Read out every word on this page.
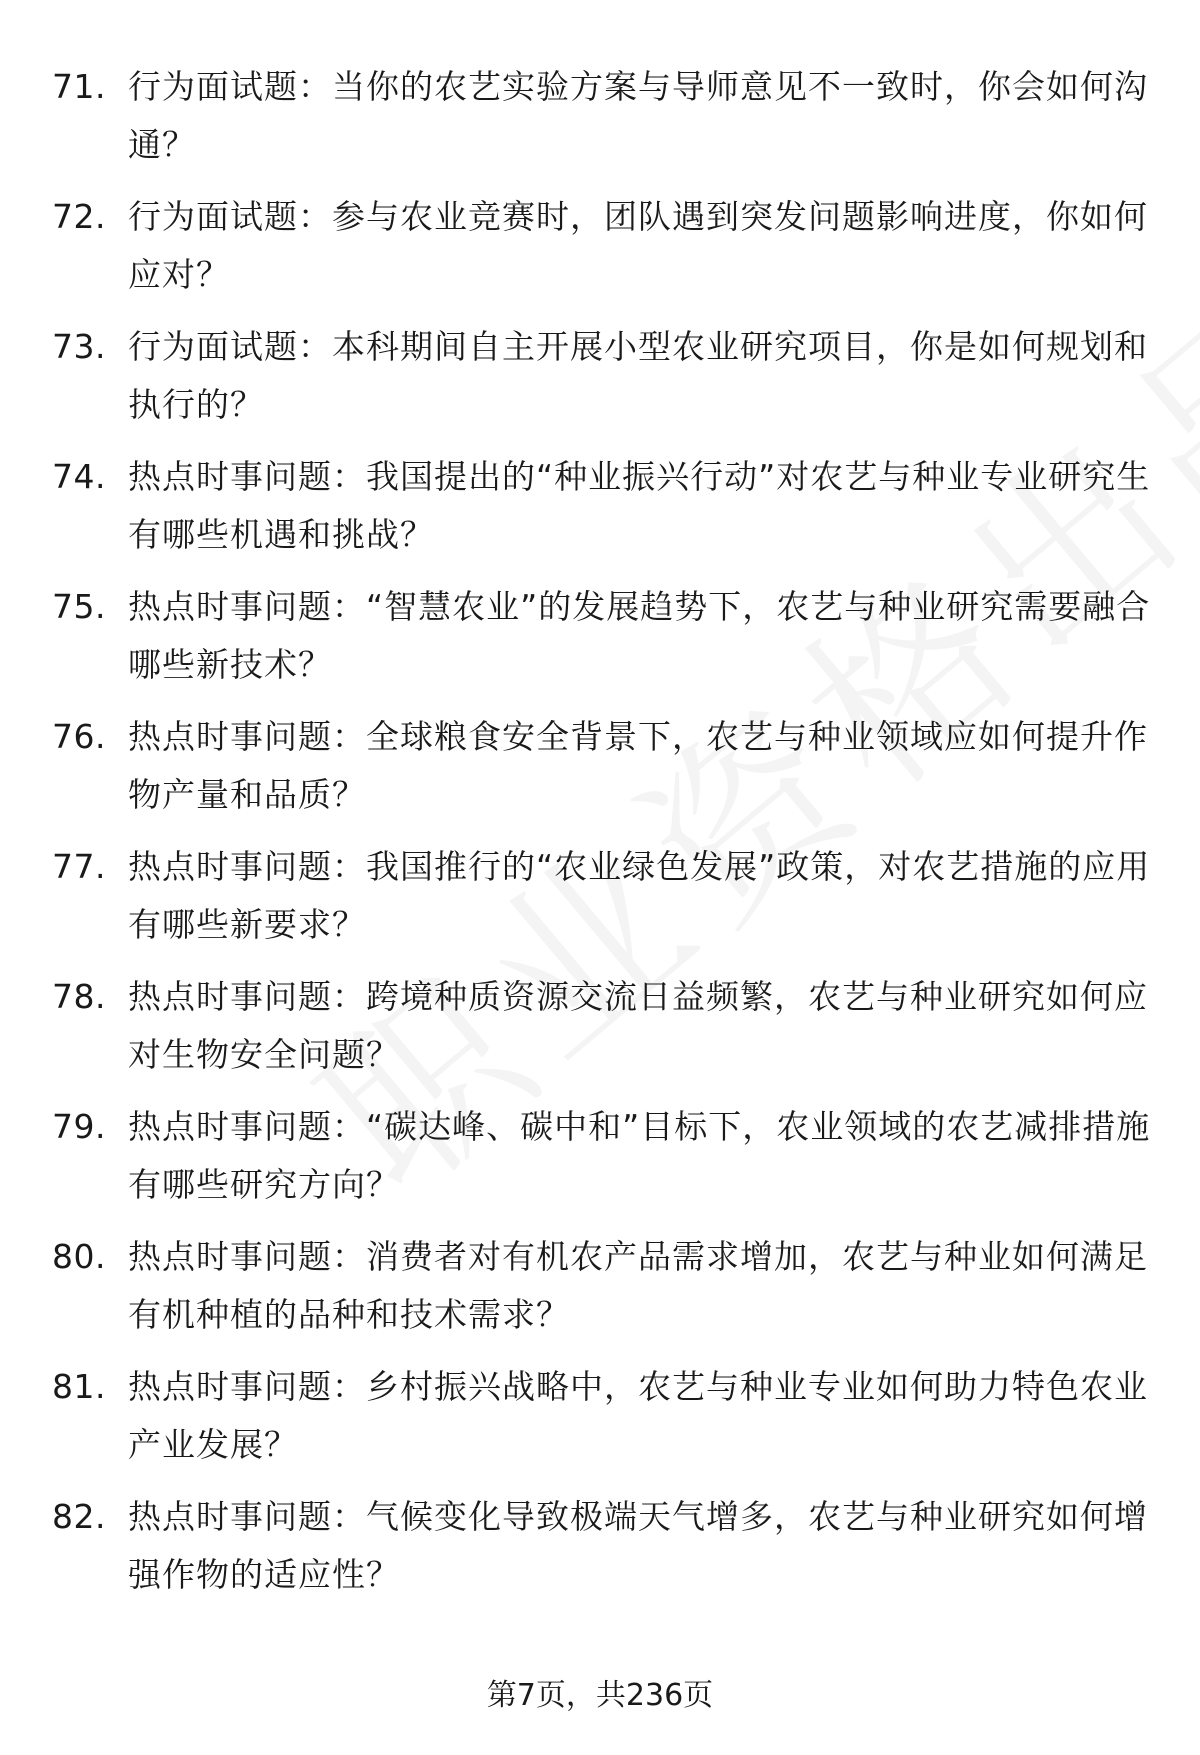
71. 行为面试题：当你的农艺实验方案与导师意见不一致时，你会如何沟通？
72. 行为面试题：参与农业竞赛时，团队遇到突发问题影响进度，你如何应对？
73. 行为面试题：本科期间自主开展小型农业研究项目，你是如何规划和执行的？
74. 热点时事问题：我国提出的“种业振兴行动”对农艺与种业专业研究生有哪些机遇和挑战？
75. 热点时事问题：“智慧农业”的发展趋势下，农艺与种业研究需要融合哪些新技术？
76. 热点时事问题：全球粮食安全背景下，农艺与种业领域应如何提升作物产量和品质？
77. 热点时事问题：我国推行的“农业绿色发展”政策，对农艺措施的应用有哪些新要求？
78. 热点时事问题：跨境种质资源交流日益频繁，农艺与种业研究如何应对生物安全问题？
79. 热点时事问题：“碳达峰、碳中和”目标下，农业领域的农艺减排措施有哪些研究方向？
80. 热点时事问题：消费者对有机农产品需求增加，农艺与种业如何满足有机种植的品种和技术需求？
81. 热点时事问题：乡村振兴战略中，农艺与种业专业如何助力特色农业产业发展？
82. 热点时事问题：气候变化导致极端天气增多，农艺与种业研究如何增强作物的适应性？
第7页，共236页
